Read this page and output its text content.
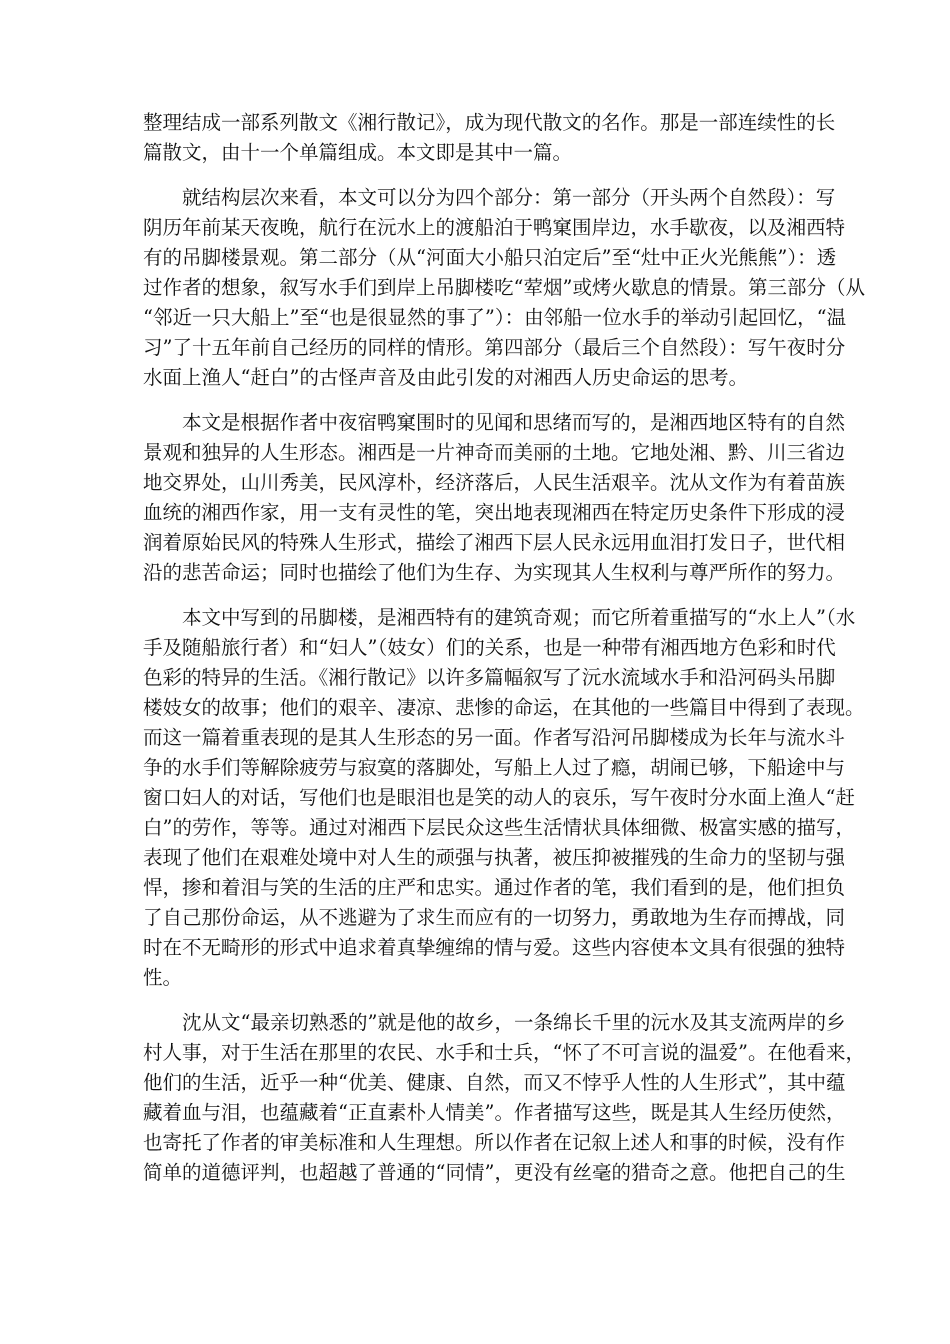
整理结成一部系列散文《湘行散记》，成为现代散文的名作。那是一部连续性的长
篇散文，由十一个单篇组成。本文即是其中一篇。
就结构层次来看，本文可以分为四个部分：第一部分（开头两个自然段）：写
阴历年前某天夜晚，航行在沅水上的渡船泊于鸭窠围岸边，水手歇夜，以及湘西特
有的吊脚楼景观。第二部分（从“河面大小船只泊定后”至“灶中正火光熊熊”）：透
过作者的想象，叙写水手们到岸上吊脚楼吃“荤烟”或烤火歇息的情景。第三部分（从
“邻近一只大船上”至“也是很显然的事了”）：由邻船一位水手的举动引起回忆，“温
习”了十五年前自己经历的同样的情形。第四部分（最后三个自然段）：写午夜时分
水面上渔人“赶白”的古怪声音及由此引发的对湘西人历史命运的思考。
本文是根据作者中夜宿鸭窠围时的见闻和思绪而写的，是湘西地区特有的自然
景观和独异的人生形态。湘西是一片神奇而美丽的土地。它地处湘、黔、川三省边
地交界处，山川秀美，民风淳朴，经济落后，人民生活艰辛。沈从文作为有着苗族
血统的湘西作家，用一支有灵性的笔，突出地表现湘西在特定历史条件下形成的浸
润着原始民风的特殊人生形式，描绘了湘西下层人民永远用血泪打发日子，世代相
沿的悲苦命运；同时也描绘了他们为生存、为实现其人生权利与尊严所作的努力。
本文中写到的吊脚楼，是湘西特有的建筑奇观；而它所着重描写的“水上人”（水
手及随船旅行者）和“妇人”（妓女）们的关系，也是一种带有湘西地方色彩和时代
色彩的特异的生活。《湘行散记》以许多篇幅叙写了沅水流域水手和沿河码头吊脚
楼妓女的故事；他们的艰辛、凄凉、悲惨的命运，在其他的一些篇目中得到了表现。
而这一篇着重表现的是其人生形态的另一面。作者写沿河吊脚楼成为长年与流水斗
争的水手们等解除疲劳与寂寞的落脚处，写船上人过了瘾，胡闹已够，下船途中与
窗口妇人的对话，写他们也是眼泪也是笑的动人的哀乐，写午夜时分水面上渔人“赶
白”的劳作，等等。通过对湘西下层民众这些生活情状具体细微、极富实感的描写，
表现了他们在艰难处境中对人生的顽强与执著，被压抑被摧残的生命力的坚韧与强
悍，掺和着泪与笑的生活的庄严和忠实。通过作者的笔，我们看到的是，他们担负
了自己那份命运，从不逃避为了求生而应有的一切努力，勇敢地为生存而搏战，同
时在不无畸形的形式中追求着真挚缠绵的情与爱。这些内容使本文具有很强的独特
性。
沈从文“最亲切熟悉的”就是他的故乡，一条绵长千里的沅水及其支流两岸的乡
村人事，对于生活在那里的农民、水手和士兵，“怀了不可言说的温爱”。在他看来，
他们的生活，近乎一种“优美、健康、自然，而又不悖乎人性的人生形式”，其中蕴
藏着血与泪，也蕴藏着“正直素朴人情美”。作者描写这些，既是其人生经历使然，
也寄托了作者的审美标准和人生理想。所以作者在记叙上述人和事的时候，没有作
简单的道德评判，也超越了普通的“同情”，更没有丝毫的猎奇之意。他把自己的生
